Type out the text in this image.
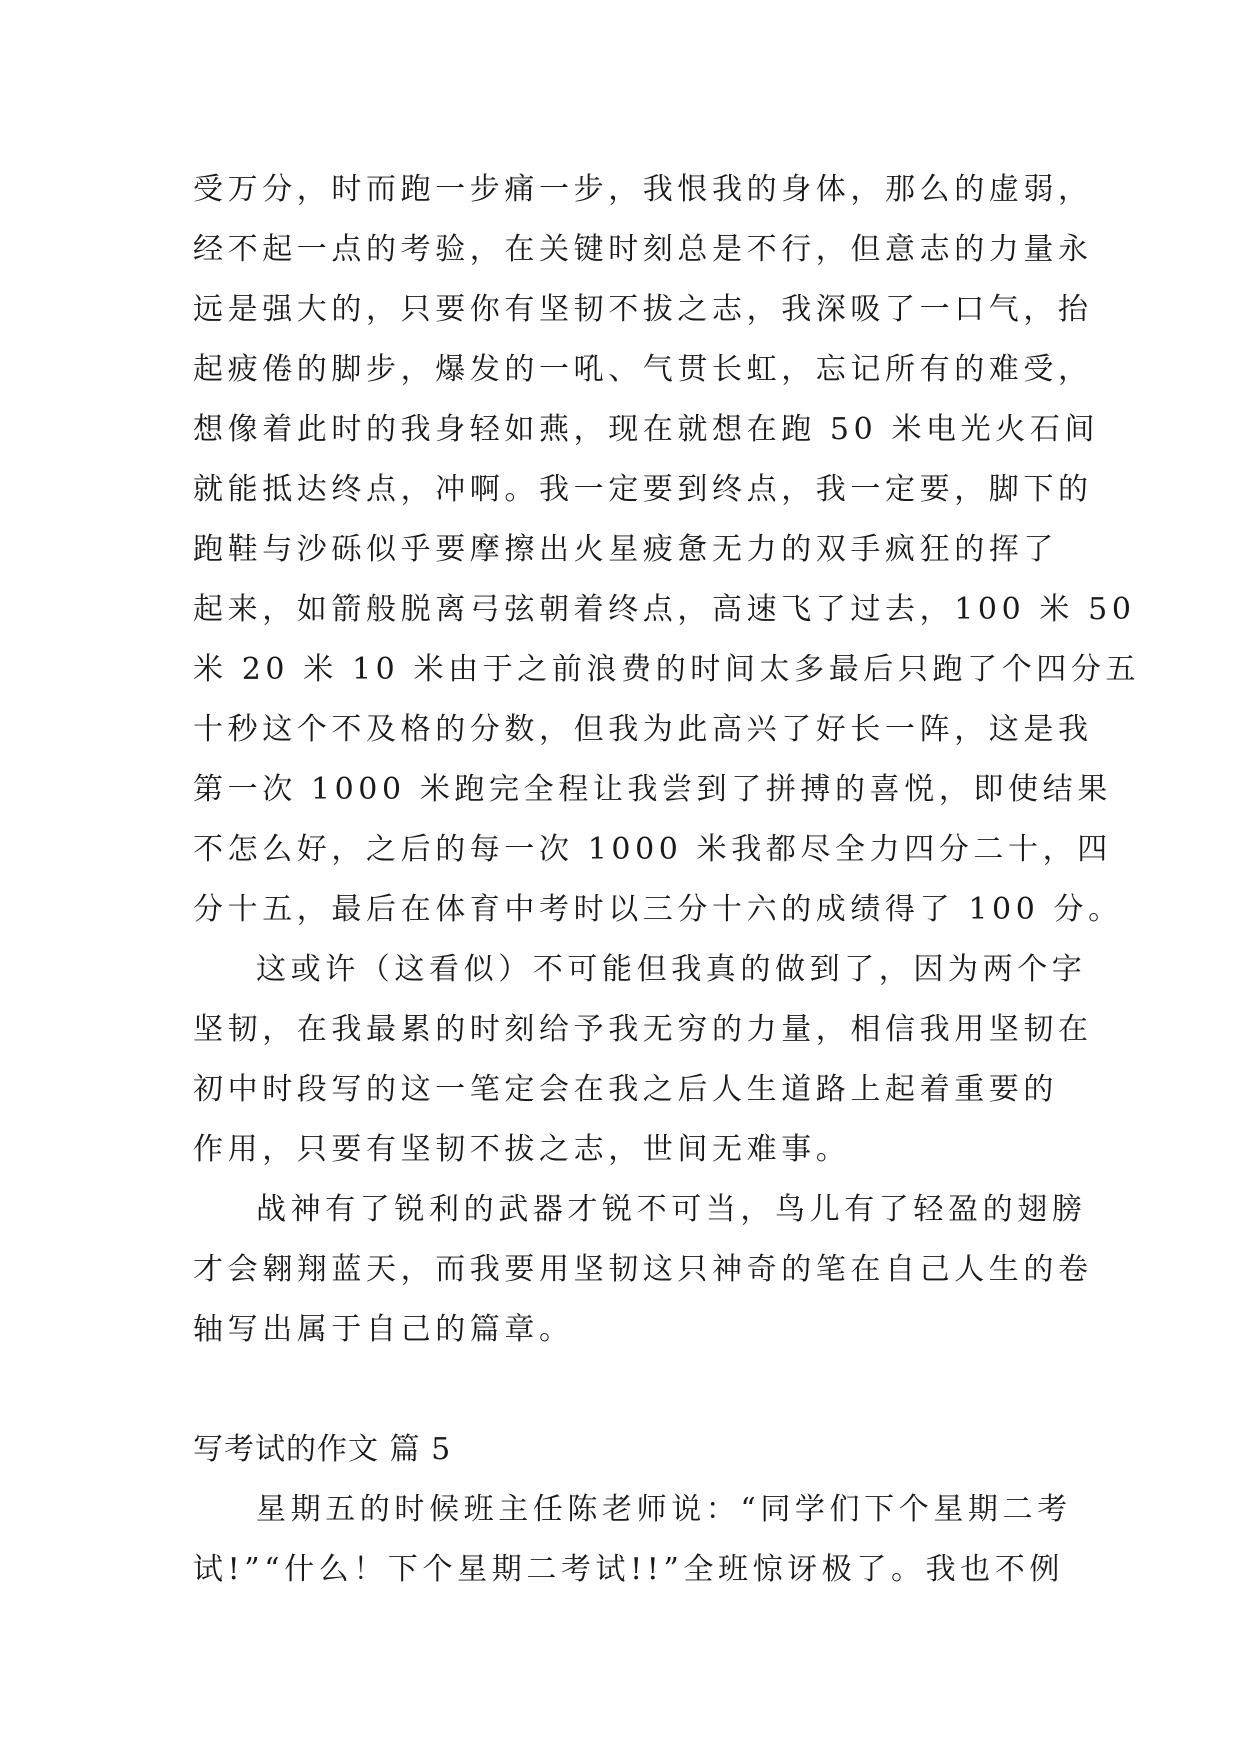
受万分，时而跑一步痛一步，我恨我的身体，那么的虚弱，
经不起一点的考验，在关键时刻总是不行，但意志的力量永
远是强大的，只要你有坚韧不拔之志，我深吸了一口气，抬
起疲倦的脚步，爆发的一吼、气贯长虹，忘记所有的难受，
想像着此时的我身轻如燕，现在就想在跑 50 米电光火石间
就能抵达终点，冲啊。我一定要到终点，我一定要，脚下的
跑鞋与沙砾似乎要摩擦出火星疲惫无力的双手疯狂的挥了
起来，如箭般脱离弓弦朝着终点，高速飞了过去，100 米 50
米 20 米 10 米由于之前浪费的时间太多最后只跑了个四分五
十秒这个不及格的分数，但我为此高兴了好长一阵，这是我
第一次 1000 米跑完全程让我尝到了拼搏的喜悦，即使结果
不怎么好，之后的每一次 1000 米我都尽全力四分二十，四
分十五，最后在体育中考时以三分十六的成绩得了 100 分。
这或许（这看似）不可能但我真的做到了，因为两个字
坚韧，在我最累的时刻给予我无穷的力量，相信我用坚韧在
初中时段写的这一笔定会在我之后人生道路上起着重要的
作用，只要有坚韧不拔之志，世间无难事。
战神有了锐利的武器才锐不可当，鸟儿有了轻盈的翅膀
才会翱翔蓝天，而我要用坚韧这只神奇的笔在自己人生的卷
轴写出属于自己的篇章。
写考试的作文 篇 5
星期五的时候班主任陈老师说：“同学们下个星期二考
试!”“什么！下个星期二考试!!”全班惊讶极了。我也不例
